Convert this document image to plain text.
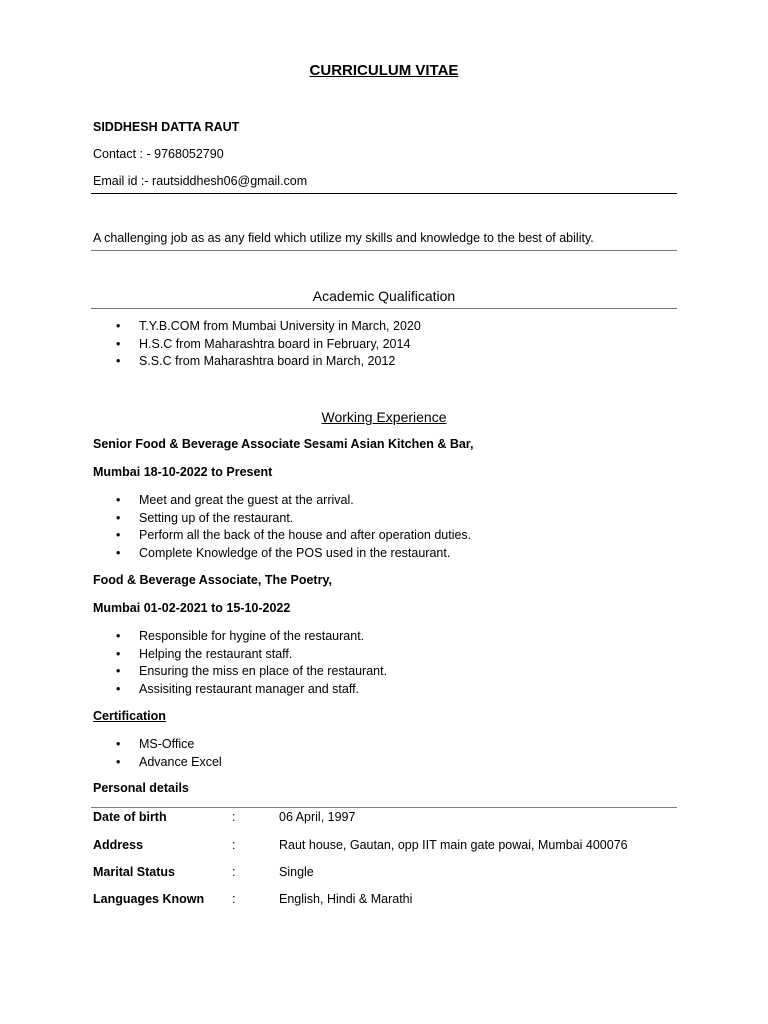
CURRICULUM VITAE
SIDDHESH DATTA RAUT
Contact : - 9768052790
Email id :- rautsiddhesh06@gmail.com
A challenging job as as any field which utilize my skills and knowledge to the best of ability.
Academic Qualification
• T.Y.B.COM from Mumbai University in March, 2020
• H.S.C from Maharashtra board in February, 2014
• S.S.C from Maharashtra board in March, 2012
Working Experience
Senior Food & Beverage Associate Sesami Asian Kitchen & Bar,
Mumbai 18-10-2022 to Present
• Meet and great the guest at the arrival.
• Setting up of the restaurant.
• Perform all the back of the house and after operation duties.
• Complete Knowledge of the POS used in the restaurant.
Food & Beverage Associate, The Poetry,
Mumbai 01-02-2021 to 15-10-2022
• Responsible for hygine of the restaurant.
• Helping the restaurant staff.
• Ensuring the miss en place of the restaurant.
• Assisiting restaurant manager and staff.
Certification
• MS-Office
• Advance Excel
Personal details
Date of birth	:	06 April, 1997
Address	:	Raut house, Gautan, opp IIT main gate powai, Mumbai 400076
Marital Status	:	Single
Languages Known :	English, Hindi & Marathi
